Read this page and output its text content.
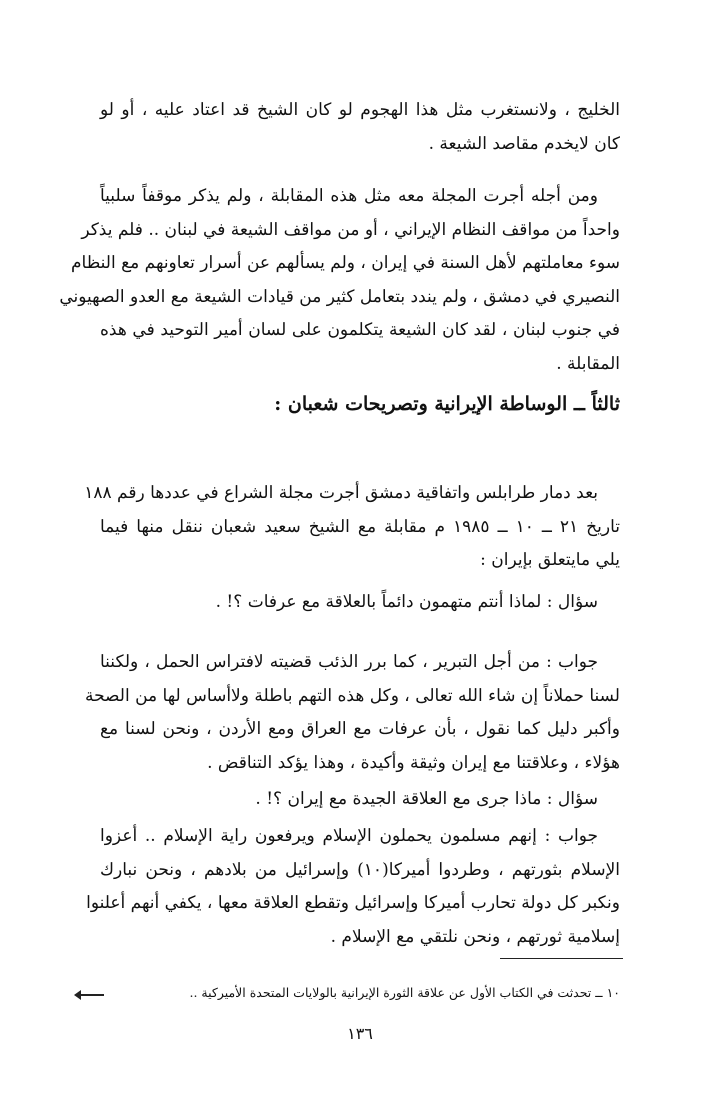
الخليج ، ولانستغرب مثل هذا الهجوم لو كان الشيخ قد اعتاد عليه ، أو لو
كان لايخدم مقاصد الشيعة .
ومن أجله أجرت المجلة معه مثل هذه المقابلة ، ولم يذكر موقفاً سلبياً
واحداً من مواقف النظام الإيراني ، أو من مواقف الشيعة في لبنان .. فلم يذكر
سوء معاملتهم لأهل السنة في إيران ، ولم يسألهم عن أسرار تعاونهم مع النظام
النصيري في دمشق ، ولم يندد بتعامل كثير من قيادات الشيعة مع العدو الصهيوني
في جنوب لبنان ، لقد كان الشيعة يتكلمون على لسان أمير التوحيد في هذه
المقابلة .
ثالثاً ــ الوساطة الإيرانية وتصريحات شعبان :
بعد دمار طرابلس واتفاقية دمشق أجرت مجلة الشراع في عددها رقم ١٨٨
تاريخ ٢١ ــ ١٠ ــ ١٩٨٥ م مقابلة مع الشيخ سعيد شعبان ننقل منها فيما
يلي مايتعلق بإيران :
سؤال : لماذا أنتم متهمون دائماً بالعلاقة مع عرفات ؟! .
جواب : من أجل التبرير ، كما برر الذئب قضيته لافتراس الحمل ، ولكننا
لسنا حملاناً إن شاء الله تعالى ، وكل هذه التهم باطلة ولاأساس لها من الصحة
وأكبر دليل كما نقول ، بأن عرفات مع العراق ومع الأردن ، ونحن لسنا مع
هؤلاء ، وعلاقتنا مع إيران وثيقة وأكيدة ، وهذا يؤكد التناقض .
سؤال : ماذا جرى مع العلاقة الجيدة مع إيران ؟! .
جواب : إنهم مسلمون يحملون الإسلام ويرفعون راية الإسلام .. أعزوا
الإسلام بثورتهم ، وطردوا أميركا(١٠) وإسرائيل من بلادهم ، ونحن نبارك
ونكبر كل دولة تحارب أميركا وإسرائيل وتقطع العلاقة معها ، يكفي أنهم أعلنوا
إسلامية ثورتهم ، ونحن نلتقي مع الإسلام .
١٠ ــ تحدثت في الكتاب الأول عن علاقة الثورة الإيرانية بالولايات المتحدة الأميركية ..
١٣٦
